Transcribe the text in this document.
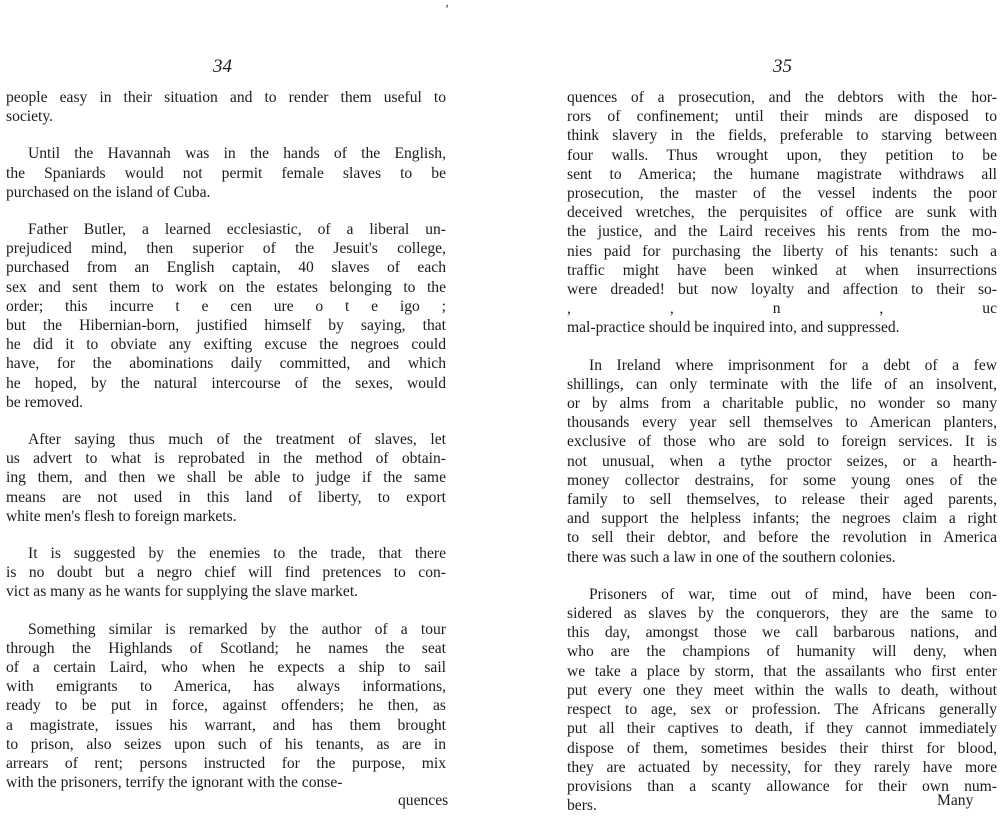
ʼ
34
people easy in their situation and to render them useful to
society.
Until the Havannah was in the hands of the English,
the Spaniards would not permit female slaves to be
purchased on the island of Cuba.
Father Butler, a learned ecclesiastic, of a liberal un-
prejudiced mind, then superior of the Jesuit's college,
purchased from an English captain, 40 slaves of each
sex and sent them to work on the estates belonging to the
order; this incurre t e cen ure o t e igo ;
but the Hibernian-born, justified himself by saying, that
he did it to obviate any exifting excuse the negroes could
have, for the abominations daily committed, and which
he hoped, by the natural intercourse of the sexes, would
be removed.
After saying thus much of the treatment of slaves, let
us advert to what is reprobated in the method of obtain-
ing them, and then we shall be able to judge if the same
means are not used in this land of liberty, to export
white men's flesh to foreign markets.
It is suggested by the enemies to the trade, that there
is no doubt but a negro chief will find pretences to con-
vict as many as he wants for supplying the slave market.
Something similar is remarked by the author of a tour
through the Highlands of Scotland; he names the seat
of a certain Laird, who when he expects a ship to sail
with emigrants to America, has always informations,
ready to be put in force, against offenders; he then, as
a magistrate, issues his warrant, and has them brought
to prison, also seizes upon such of his tenants, as are in
arrears of rent; persons instructed for the purpose, mix
with the prisoners, terrify the ignorant with the conse-
quences
35
quences of a prosecution, and the debtors with the hor-
rors of confinement; until their minds are disposed to
think slavery in the fields, preferable to starving between
four walls. Thus wrought upon, they petition to be
sent to America; the humane magistrate withdraws all
prosecution, the master of the vessel indents the poor
deceived wretches, the perquisites of office are sunk with
the justice, and the Laird receives his rents from the mo-
nies paid for purchasing the liberty of his tenants: such a
traffic might have been winked at when insurrections
were dreaded! but now loyalty and affection to their so-
, , n , uc
mal-practice should be inquired into, and suppressed.
In Ireland where imprisonment for a debt of a few
shillings, can only terminate with the life of an insolvent,
or by alms from a charitable public, no wonder so many
thousands every year sell themselves to American planters,
exclusive of those who are sold to foreign services. It is
not unusual, when a tythe proctor seizes, or a hearth-
money collector destrains, for some young ones of the
family to sell themselves, to release their aged parents,
and support the helpless infants; the negroes claim a right
to sell their debtor, and before the revolution in America
there was such a law in one of the southern colonies.
Prisoners of war, time out of mind, have been con-
sidered as slaves by the conquerors, they are the same to
this day, amongst those we call barbarous nations, and
who are the champions of humanity will deny, when
we take a place by storm, that the assailants who first enter
put every one they meet within the walls to death, without
respect to age, sex or profession. The Africans generally
put all their captives to death, if they cannot immediately
dispose of them, sometimes besides their thirst for blood,
they are actuated by necessity, for they rarely have more
provisions than a scanty allowance for their own num-
bers.	Many
